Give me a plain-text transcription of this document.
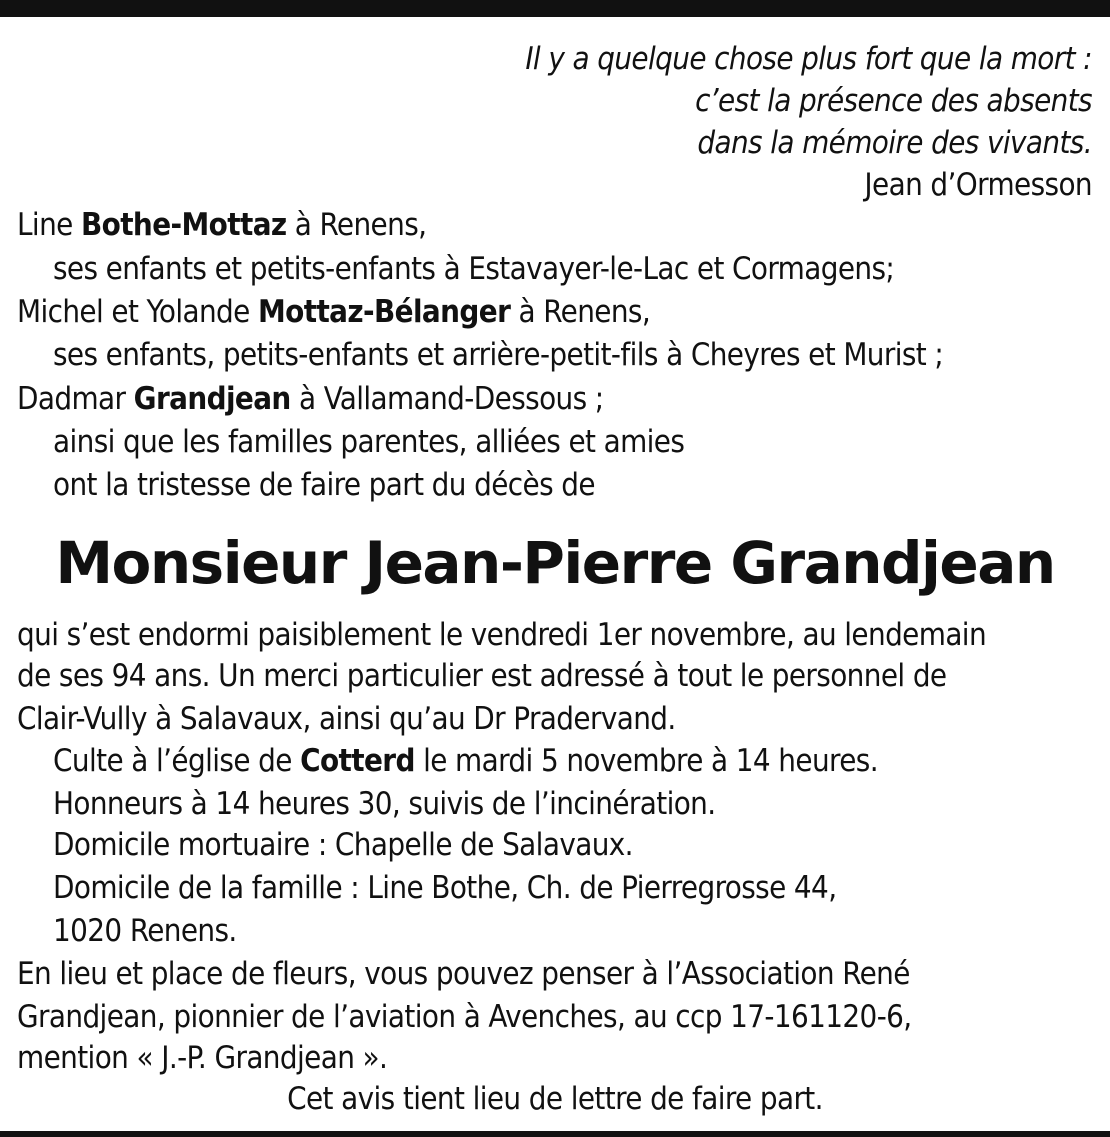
Il y a quelque chose plus fort que la mort :
c’est la présence des absents
dans la mémoire des vivants.
Jean d’Ormesson
Line Bothe-Mottaz à Renens,
ses enfants et petits-enfants à Estavayer-le-Lac et Cormagens;
Michel et Yolande Mottaz-Bélanger à Renens,
ses enfants, petits-enfants et arrière-petit-fils à Cheyres et Murist ;
Dadmar Grandjean à Vallamand-Dessous ;
ainsi que les familles parentes, alliées et amies
ont la tristesse de faire part du décès de
Monsieur Jean-Pierre Grandjean
qui s’est endormi paisiblement le vendredi 1er novembre, au lendemain
de ses 94 ans. Un merci particulier est adressé à tout le personnel de
Clair-Vully à Salavaux, ainsi qu’au Dr Pradervand.
Culte à l’église de Cotterd le mardi 5 novembre à 14 heures.
Honneurs à 14 heures 30, suivis de l’incinération.
Domicile mortuaire : Chapelle de Salavaux.
Domicile de la famille : Line Bothe, Ch. de Pierregrosse 44,
1020 Renens.
En lieu et place de fleurs, vous pouvez penser à l’Association René
Grandjean, pionnier de l’aviation à Avenches, au ccp 17-161120-6,
mention « J.-P. Grandjean ».
Cet avis tient lieu de lettre de faire part.
